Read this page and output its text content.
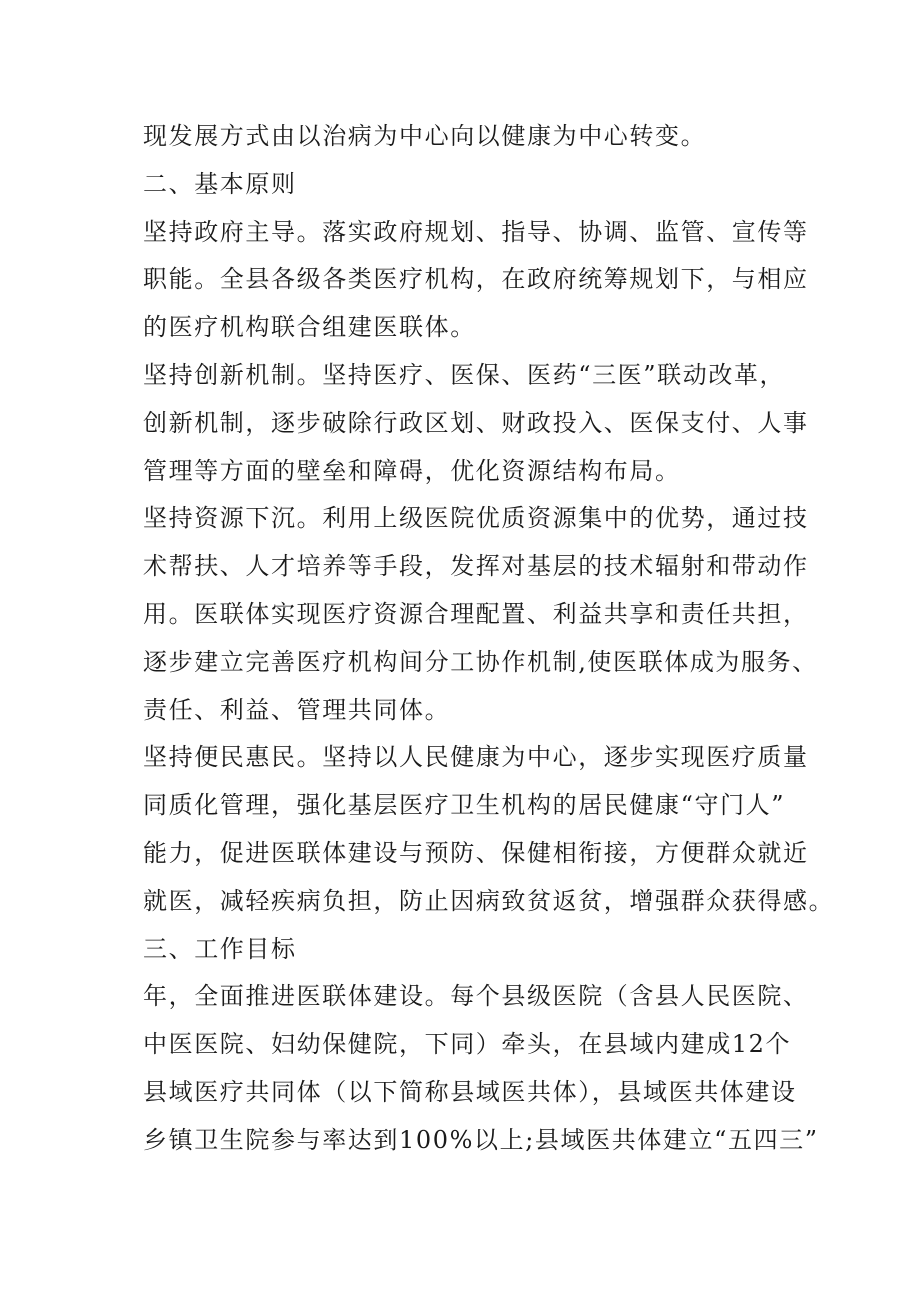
现发展方式由以治病为中心向以健康为中心转变。
二、基本原则
坚持政府主导。落实政府规划、指导、协调、监管、宣传等
职能。全县各级各类医疗机构，在政府统筹规划下，与相应
的医疗机构联合组建医联体。
坚持创新机制。坚持医疗、医保、医药“三医”联动改革，
创新机制，逐步破除行政区划、财政投入、医保支付、人事
管理等方面的壁垒和障碍，优化资源结构布局。
坚持资源下沉。利用上级医院优质资源集中的优势，通过技
术帮扶、人才培养等手段，发挥对基层的技术辐射和带动作
用。医联体实现医疗资源合理配置、利益共享和责任共担，
逐步建立完善医疗机构间分工协作机制,使医联体成为服务、
责任、利益、管理共同体。
坚持便民惠民。坚持以人民健康为中心，逐步实现医疗质量
同质化管理，强化基层医疗卫生机构的居民健康“守门人”
能力，促进医联体建设与预防、保健相衔接，方便群众就近
就医，减轻疾病负担，防止因病致贫返贫，增强群众获得感。
三、工作目标
年，全面推进医联体建设。每个县级医院（含县人民医院、
中医医院、妇幼保健院，下同）牵头，在县域内建成12个
县域医疗共同体（以下简称县域医共体），县域医共体建设
乡镇卫生院参与率达到100%以上;县域医共体建立“五四三”
